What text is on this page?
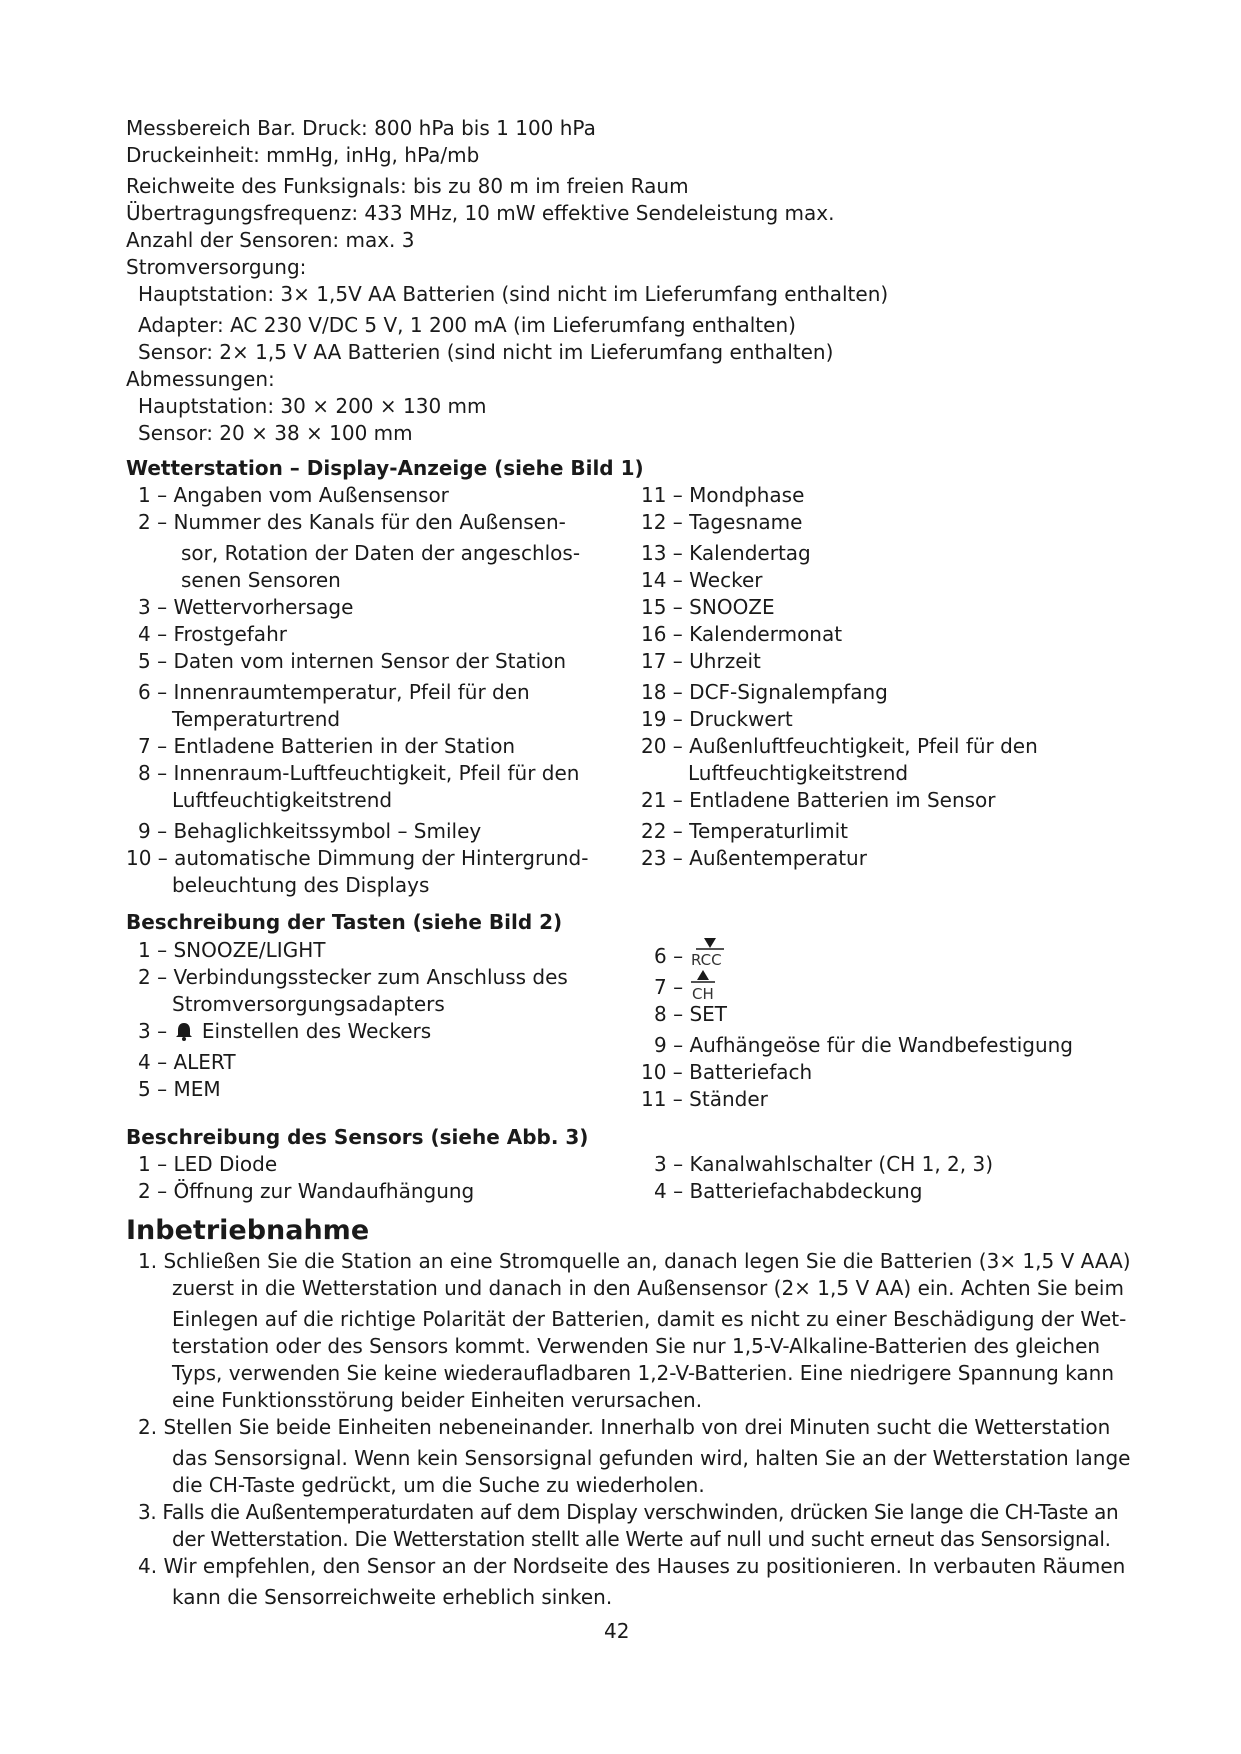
Messbereich Bar. Druck: 800 hPa bis 1 100 hPa
Druckeinheit: mmHg, inHg, hPa/mb
Reichweite des Funksignals: bis zu 80 m im freien Raum
Übertragungsfrequenz: 433 MHz, 10 mW effektive Sendeleistung max.
Anzahl der Sensoren: max. 3
Stromversorgung:
Hauptstation: 3× 1,5V AA Batterien (sind nicht im Lieferumfang enthalten)
Adapter: AC 230 V/DC 5 V, 1 200 mA (im Lieferumfang enthalten)
Sensor: 2× 1,5 V AA Batterien (sind nicht im Lieferumfang enthalten)
Abmessungen:
Hauptstation: 30 × 200 × 130 mm
Sensor: 20 × 38 × 100 mm
Wetterstation – Display-Anzeige (siehe Bild 1)
1 – Angaben vom Außensensor
2 – Nummer des Kanals für den Außensen-
sor, Rotation der Daten der angeschlos-
senen Sensoren
3 – Wettervorhersage
4 – Frostgefahr
5 – Daten vom internen Sensor der Station
6 – Innenraumtemperatur, Pfeil für den
Temperaturtrend
7 – Entladene Batterien in der Station
8 – Innenraum-Luftfeuchtigkeit, Pfeil für den
Luftfeuchtigkeitstrend
9 – Behaglichkeitssymbol – Smiley
10 – automatische Dimmung der Hintergrund-
beleuchtung des Displays
11 – Mondphase
12 – Tagesname
13 – Kalendertag
14 – Wecker
15 – SNOOZE
16 – Kalendermonat
17 – Uhrzeit
18 – DCF-Signalempfang
19 – Druckwert
20 – Außenluftfeuchtigkeit, Pfeil für den
Luftfeuchtigkeitstrend
21 – Entladene Batterien im Sensor
22 – Temperaturlimit
23 – Außentemperatur
Beschreibung der Tasten (siehe Bild 2)
1 – SNOOZE/LIGHT
2 – Verbindungsstecker zum Anschluss des
Stromversorgungsadapters
3 – Einstellen des Weckers
4 – ALERT
5 – MEM
6 – RCC
7 – CH
8 – SET
9 – Aufhängeöse für die Wandbefestigung
10 – Batteriefach
11 – Ständer
Beschreibung des Sensors (siehe Abb. 3)
1 – LED Diode
2 – Öffnung zur Wandaufhängung
3 – Kanalwahlschalter (CH 1, 2, 3)
4 – Batteriefachabdeckung
Inbetriebnahme
1. Schließen Sie die Station an eine Stromquelle an, danach legen Sie die Batterien (3× 1,5 V AAA)
zuerst in die Wetterstation und danach in den Außensensor (2× 1,5 V AA) ein. Achten Sie beim
Einlegen auf die richtige Polarität der Batterien, damit es nicht zu einer Beschädigung der Wet-
terstation oder des Sensors kommt. Verwenden Sie nur 1,5-V-Alkaline-Batterien des gleichen
Typs, verwenden Sie keine wiederaufladbaren 1,2-V-Batterien. Eine niedrigere Spannung kann
eine Funktionsstörung beider Einheiten verursachen.
2. Stellen Sie beide Einheiten nebeneinander. Innerhalb von drei Minuten sucht die Wetterstation
das Sensorsignal. Wenn kein Sensorsignal gefunden wird, halten Sie an der Wetterstation lange
die CH-Taste gedrückt, um die Suche zu wiederholen.
3. Falls die Außentemperaturdaten auf dem Display verschwinden, drücken Sie lange die CH-Taste an
der Wetterstation. Die Wetterstation stellt alle Werte auf null und sucht erneut das Sensorsignal.
4. Wir empfehlen, den Sensor an der Nordseite des Hauses zu positionieren. In verbauten Räumen
kann die Sensorreichweite erheblich sinken.
42
